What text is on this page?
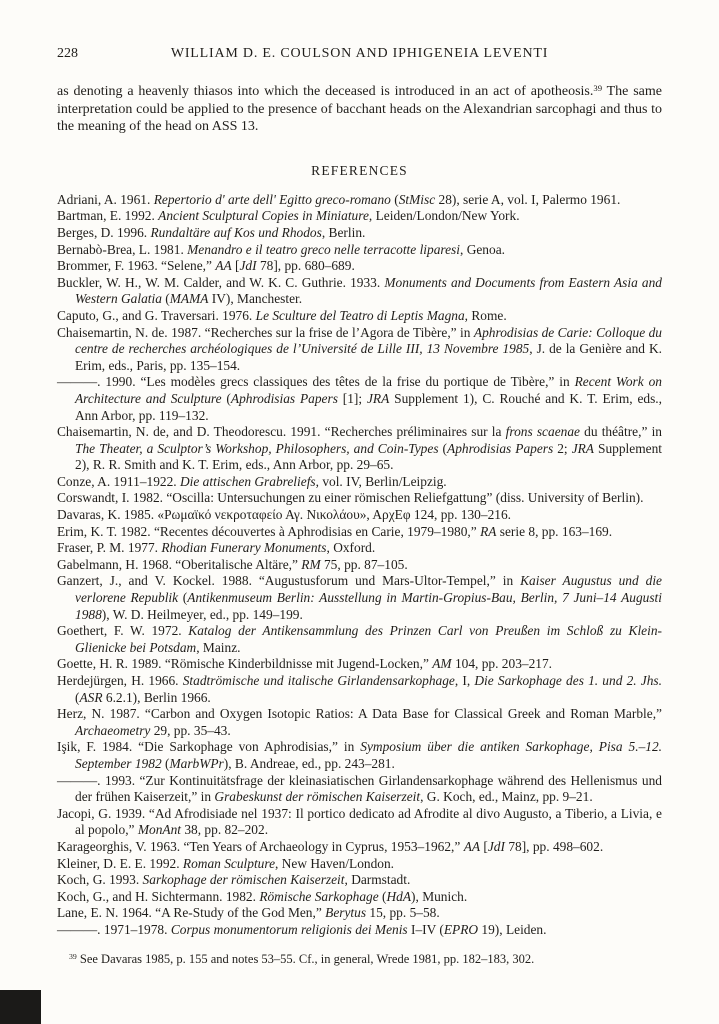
228	WILLIAM D. E. COULSON AND IPHIGENEIA LEVENTI

as denoting a heavenly thiasos into which the deceased is introduced in an act of apotheosis.$^{39}$ The same interpretation could be applied to the presence of bacchant heads on the Alexandrian sarcophagi and thus to the meaning of the head on ASS 13.

REFERENCES

Adriani, A. 1961. Repertorio d' arte dell' Egitto greco-romano (StMisc 28), serie A, vol. I, Palermo 1961.

Bartman, E. 1992. Ancient Sculptural Copies in Miniature, Leiden/London/New York.

Berges, D. 1996. Rundaltäre auf Kos und Rhodos, Berlin.

Bernabò-Brea, L. 1981. Menandro e il teatro greco nelle terracotte liparesi, Genoa.

Brommer, F. 1963. “Selene,” AA [JdI 78], pp. 680–689.

Buckler, W. H., W. M. Calder, and W. K. C. Guthrie. 1933. Monuments and Documents from Eastern Asia and Western Galatia (MAMA IV), Manchester.

Caputo, G., and G. Traversari. 1976. Le Sculture del Teatro di Leptis Magna, Rome.

Chaisemartin, N. de. 1987. “Recherches sur la frise de l’Agora de Tibère,” in Aphrodisias de Carie: Colloque du centre de recherches archéologiques de l’Université de Lille III, 13 Novembre 1985, J. de la Genière and K. Erim, eds., Paris, pp. 135–154.

———. 1990. “Les modèles grecs classiques des têtes de la frise du portique de Tibère,” in Recent Work on Architecture and Sculpture (Aphrodisias Papers [1]; JRA Supplement 1), C. Rouché and K. T. Erim, eds., Ann Arbor, pp. 119–132.

Chaisemartin, N. de, and D. Theodorescu. 1991. “Recherches préliminaires sur la frons scaenae du théâtre,” in The Theater, a Sculptor’s Workshop, Philosophers, and Coin-Types (Aphrodisias Papers 2; JRA Supplement 2), R. R. Smith and K. T. Erim, eds., Ann Arbor, pp. 29–65.

Conze, A. 1911–1922. Die attischen Grabreliefs, vol. IV, Berlin/Leipzig.

Corswandt, I. 1982. “Oscilla: Untersuchungen zu einer römischen Reliefgattung” (diss. University of Berlin).

Davaras, K. 1985. «Ρωμαϊκό νεκροταφείο Αγ. Νικολάου», ΑρχΕφ 124, pp. 130–216.

Erim, K. T. 1982. “Recentes découvertes à Aphrodisias en Carie, 1979–1980,” RA serie 8, pp. 163–169.

Fraser, P. M. 1977. Rhodian Funerary Monuments, Oxford.

Gabelmann, H. 1968. “Oberitalische Altäre,” RM 75, pp. 87–105.

Ganzert, J., and V. Kockel. 1988. “Augustusforum und Mars-Ultor-Tempel,” in Kaiser Augustus und die verlorene Republik (Antikenmuseum Berlin: Ausstellung in Martin-Gropius-Bau, Berlin, 7 Juni–14 Augusti 1988), W. D. Heilmeyer, ed., pp. 149–199.

Goethert, F. W. 1972. Katalog der Antikensammlung des Prinzen Carl von Preußen im Schloß zu Klein-Glienicke bei Potsdam, Mainz.

Goette, H. R. 1989. “Römische Kinderbildnisse mit Jugend-Locken,” AM 104, pp. 203–217.

Herdejürgen, H. 1966. Stadtrömische und italische Girlandensarkophage, I, Die Sarkophage des 1. und 2. Jhs. (ASR 6.2.1), Berlin 1966.

Herz, N. 1987. “Carbon and Oxygen Isotopic Ratios: A Data Base for Classical Greek and Roman Marble,” Archaeometry 29, pp. 35–43.

Işik, F. 1984. “Die Sarkophage von Aphrodisias,” in Symposium über die antiken Sarkophage, Pisa 5.–12. September 1982 (MarbWPr), B. Andreae, ed., pp. 243–281.

———. 1993. “Zur Kontinuitätsfrage der kleinasiatischen Girlandensarkophage während des Hellenismus und der frühen Kaiserzeit,” in Grabeskunst der römischen Kaiserzeit, G. Koch, ed., Mainz, pp. 9–21.

Jacopi, G. 1939. “Ad Afrodisiade nel 1937: Il portico dedicato ad Afrodite al divo Augusto, a Tiberio, a Livia, e al popolo,” MonAnt 38, pp. 82–202.

Karageorghis, V. 1963. “Ten Years of Archaeology in Cyprus, 1953–1962,” AA [JdI 78], pp. 498–602.

Kleiner, D. E. E. 1992. Roman Sculpture, New Haven/London.

Koch, G. 1993. Sarkophage der römischen Kaiserzeit, Darmstadt.

Koch, G., and H. Sichtermann. 1982. Römische Sarkophage (HdA), Munich.

Lane, E. N. 1964. “A Re-Study of the God Men,” Berytus 15, pp. 5–58.

———. 1971–1978. Corpus monumentorum religionis dei Menis I–IV (EPRO 19), Leiden.

$^{39}$ See Davaras 1985, p. 155 and notes 53–55. Cf., in general, Wrede 1981, pp. 182–183, 302.
